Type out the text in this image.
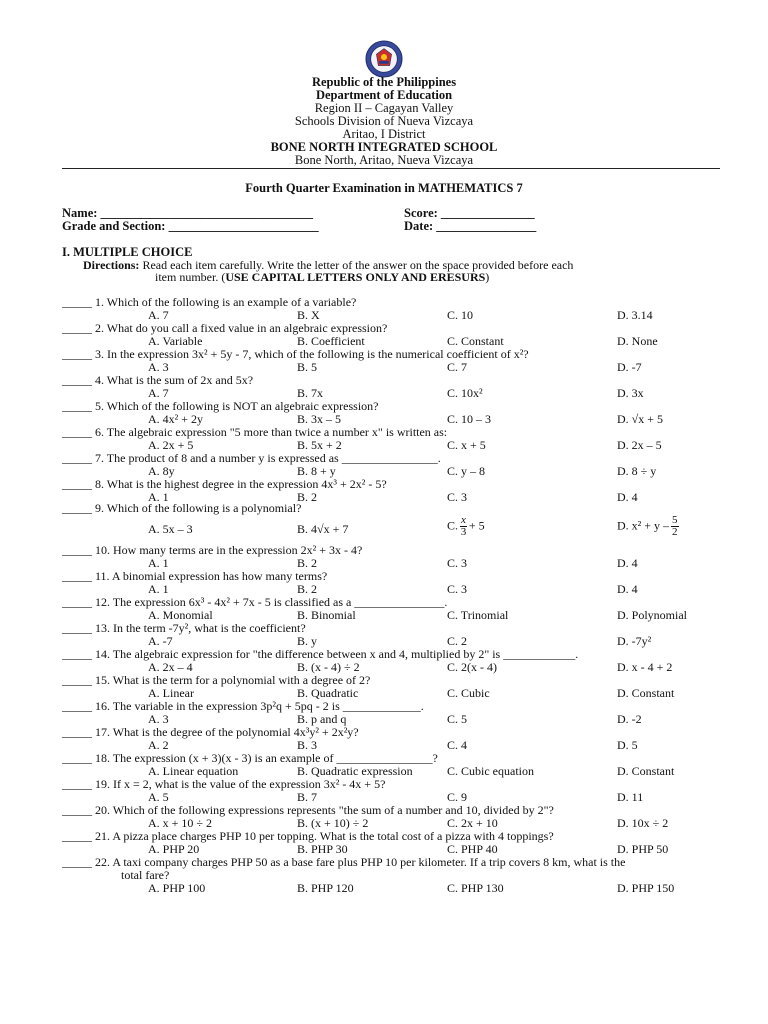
Republic of the Philippines
Department of Education
Region II – Cagayan Valley
Schools Division of Nueva Vizcaya
Aritao, I District
BONE NORTH INTEGRATED SCHOOL
Bone North, Aritao, Nueva Vizcaya
Fourth Quarter Examination in MATHEMATICS 7
Name: __________________________________
Grade and Section: ________________________
Score: _______________
Date: ________________
I. MULTIPLE CHOICE
Directions: Read each item carefully. Write the letter of the answer on the space provided before each
item number. (USE CAPITAL LETTERS ONLY AND ERESURS)
_____ 1. Which of the following is an example of a variable?
A. 7	B. X	C. 10	D. 3.14
_____ 2. What do you call a fixed value in an algebraic expression?
A. Variable	B. Coefficient	C. Constant	D. None
_____ 3. In the expression 3x² + 5y - 7, which of the following is the numerical coefficient of x²?
A. 3	B. 5	C. 7	D. -7
_____ 4. What is the sum of 2x and 5x?
A. 7	B. 7x	C. 10x²	D. 3x
_____ 5. Which of the following is NOT an algebraic expression?
A. 4x² + 2y	B. 3x – 5	C. 10 – 3	D. √x + 5
_____ 6. The algebraic expression "5 more than twice a number x" is written as:
A. 2x + 5	B. 5x + 2	C. x + 5	D. 2x – 5
_____ 7. The product of 8 and a number y is expressed as ________________.
A. 8y	B. 8 + y	C. y – 8	D. 8 ÷ y
_____ 8. What is the highest degree in the expression 4x³ + 2x² - 5?
A. 1	B. 2	C. 3	D. 4
_____ 9. Which of the following is a polynomial?
A. 5x – 3	B. 4√x + 7	C. $\frac{x}{3} + 5$	D. $x^2 + y - \frac{5}{2}$
_____ 10. How many terms are in the expression 2x² + 3x - 4?
A. 1	B. 2	C. 3	D. 4
_____ 11. A binomial expression has how many terms?
A. 1	B. 2	C. 3	D. 4
_____ 12. The expression 6x³ - 4x² + 7x - 5 is classified as a _______________.
A. Monomial	B. Binomial	C. Trinomial	D. Polynomial
_____ 13. In the term -7y², what is the coefficient?
A. -7	B. y	C. 2	D. -7y²
_____ 14. The algebraic expression for "the difference between x and 4, multiplied by 2" is ____________.
A. 2x – 4	B. (x - 4) ÷ 2	C. 2(x - 4)	D. x - 4 + 2
_____ 15. What is the term for a polynomial with a degree of 2?
A. Linear	B. Quadratic	C. Cubic	D. Constant
_____ 16. The variable in the expression 3p²q + 5pq - 2 is _____________.
A. 3	B. p and q	C. 5	D. -2
_____ 17. What is the degree of the polynomial 4x³y² + 2x²y?
A. 2	B. 3	C. 4	D. 5
_____ 18. The expression (x + 3)(x - 3) is an example of ________________?
A. Linear equation	B. Quadratic expression	C. Cubic equation	D. Constant
_____ 19. If x = 2, what is the value of the expression 3x² - 4x + 5?
A. 5	B. 7	C. 9	D. 11
_____ 20. Which of the following expressions represents "the sum of a number and 10, divided by 2"?
A. x + 10 ÷ 2	B. (x + 10) ÷ 2	C. 2x + 10	D. 10x ÷ 2
_____ 21. A pizza place charges PHP 10 per topping. What is the total cost of a pizza with 4 toppings?
A. PHP 20	B. PHP 30	C. PHP 40	D. PHP 50
_____ 22. A taxi company charges PHP 50 as a base fare plus PHP 10 per kilometer. If a trip covers 8 km, what is the
total fare?
A. PHP 100	B. PHP 120	C. PHP 130	D. PHP 150
